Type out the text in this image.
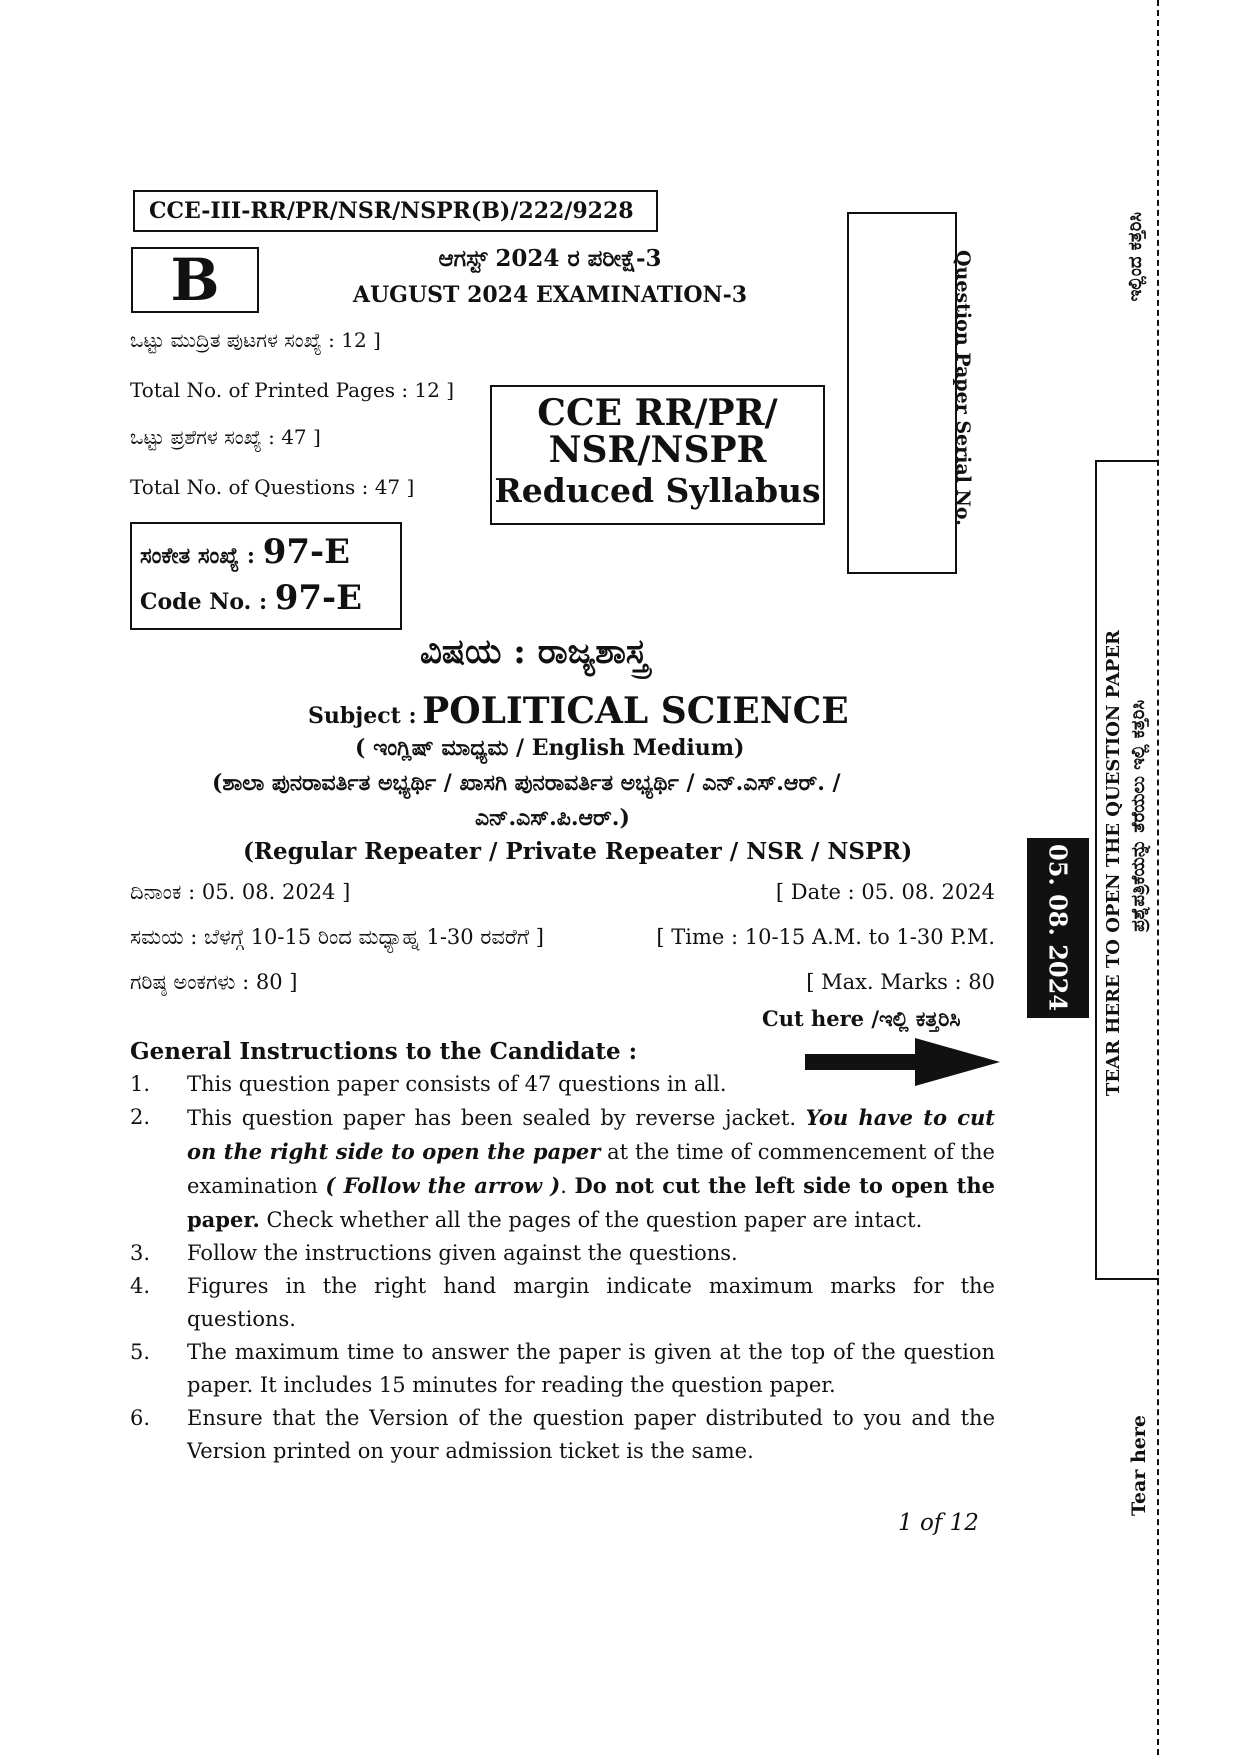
CCE-III-RR/PR/NSR/NSPR(B)/222/9228
B	ಆಗಸ್ಟ್ 2024 ರ ಪರೀಕ್ಷೆ-3
AUGUST 2024 EXAMINATION-3
ಒಟ್ಟು ಮುದ್ರಿತ ಪುಟಗಳ ಸಂಖ್ಯೆ : 12 ]
Total No. of Printed Pages : 12 ]
ಒಟ್ಟು ಪ್ರಶೆಗಳ ಸಂಖ್ಯೆ : 47 ]
Total No. of Questions : 47 ]
CCE RR/PR/
NSR/NSPR
Reduced Syllabus
ಸಂಕೇತ ಸಂಖ್ಯೆ : 97-E
Code No. : 97-E
Question Paper Serial No.
ವಿಷಯ : ರಾಜ್ಯಶಾಸ್ತ್ರ
Subject : POLITICAL SCIENCE
( ಇಂಗ್ಲಿಷ್ ಮಾಧ್ಯಮ / English Medium)
(ಶಾಲಾ ಪುನರಾವರ್ತಿತ ಅಭ್ಯರ್ಥಿ / ಖಾಸಗಿ ಪುನರಾವರ್ತಿತ ಅಭ್ಯರ್ಥಿ / ಎನ್.ಎಸ್.ಆರ್. /
ಎನ್.ಎಸ್.ಪಿ.ಆರ್.)
(Regular Repeater / Private Repeater / NSR / NSPR)
ದಿನಾಂಕ : 05. 08. 2024 ]	[ Date : 05. 08. 2024
ಸಮಯ : ಬೆಳಗ್ಗೆ 10-15 ರಿಂದ ಮಧ್ಯಾಹ್ನ 1-30 ರವರೆಗೆ ]	[ Time : 10-15 A.M. to 1-30 P.M.
ಗರಿಷ್ಠ ಅಂಕಗಳು : 80 ]	[ Max. Marks : 80
Cut here /ಇಲ್ಲಿ ಕತ್ತರಿಸಿ
General Instructions to the Candidate :
1. This question paper consists of 47 questions in all.
2. This question paper has been sealed by reverse jacket. You have to cut on the right side to open the paper at the time of commencement of the examination ( Follow the arrow ). Do not cut the left side to open the paper. Check whether all the pages of the question paper are intact.
3. Follow the instructions given against the questions.
4. Figures in the right hand margin indicate maximum marks for the questions.
5. The maximum time to answer the paper is given at the top of the question paper. It includes 15 minutes for reading the question paper.
6. Ensure that the Version of the question paper distributed to you and the Version printed on your admission ticket is the same.
1 of 12
05. 08. 2024 TEAR HERE TO OPEN THE QUESTION PAPER ಪ್ರಶ್ನೆಪತ್ರಿಕೆಯನ್ನು ತೆರೆಯಲು ಇಲ್ಲಿ ಕತ್ತರಿಸಿ
ಇಲ್ಲಿಂದ ಕತ್ತರಿಸಿ
Tear here
